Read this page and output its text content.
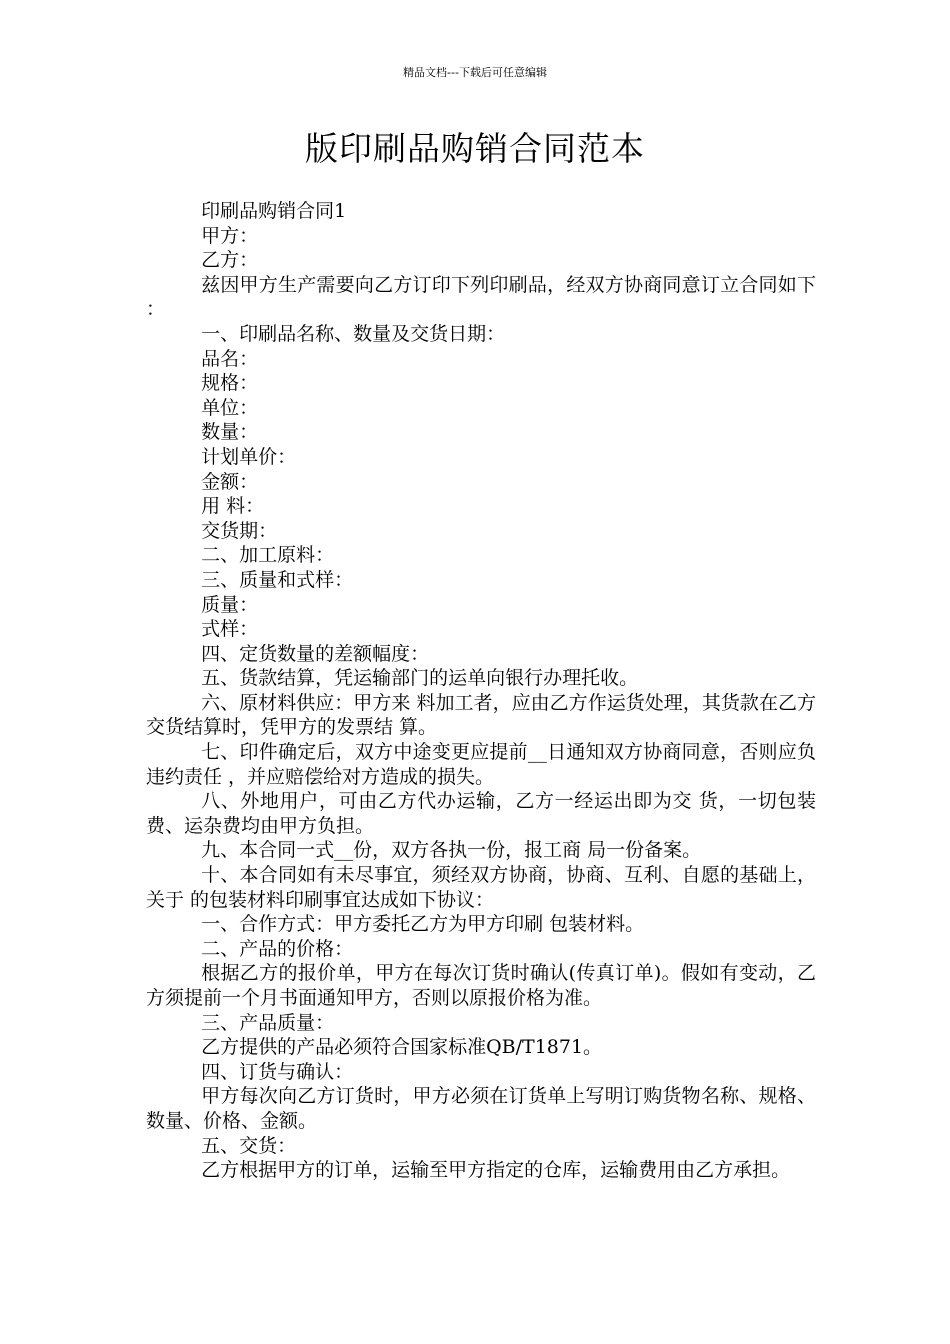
精品文档---下载后可任意编辑
版印刷品购销合同范本

印刷品购销合同1

甲方：

乙方：

兹因甲方生产需要向乙方订印下列印刷品，经双方协商同意订立合同如下 ：

一、印刷品名称、数量及交货日期：

品名：

规格：

单位：

数量：

计划单价：

金额：

用 料：

交货期：

二、加工原料：

三、质量和式样：

质量：

式样：

四、定货数量的差额幅度：

五、货款结算，凭运输部门的运单向银行办理托收。

六、原材料供应：甲方来 料加工者，应由乙方作运货处理，其货款在乙方交货结算时，凭甲方的发票结 算。

七、印件确定后，双方中途变更应提前__日通知双方协商同意，否则应负违约责任 ，并应赔偿给对方造成的损失。

八、外地用户，可由乙方代办运输，乙方一经运出即为交 货，一切包装费、运杂费均由甲方负担。

九、本合同一式__份，双方各执一份，报工商 局一份备案。

十、本合同如有未尽事宜，须经双方协商，协商、互利、自愿的基础上，关于 的包装材料印刷事宜达成如下协议：

一、合作方式：甲方委托乙方为甲方印刷 包装材料。

二、产品的价格：

根据乙方的报价单，甲方在每次订货时确认(传真订单)。假如有变动，乙方须提前一个月书面通知甲方，否则以原报价格为准。

三、产品质量：

乙方提供的产品必须符合国家标准QB/T1871。

四、订货与确认：

甲方每次向乙方订货时，甲方必须在订货单上写明订购货物名称、规格、数量、价格、金额。

五、交货：

乙方根据甲方的订单，运输至甲方指定的仓库，运输费用由乙方承担。
